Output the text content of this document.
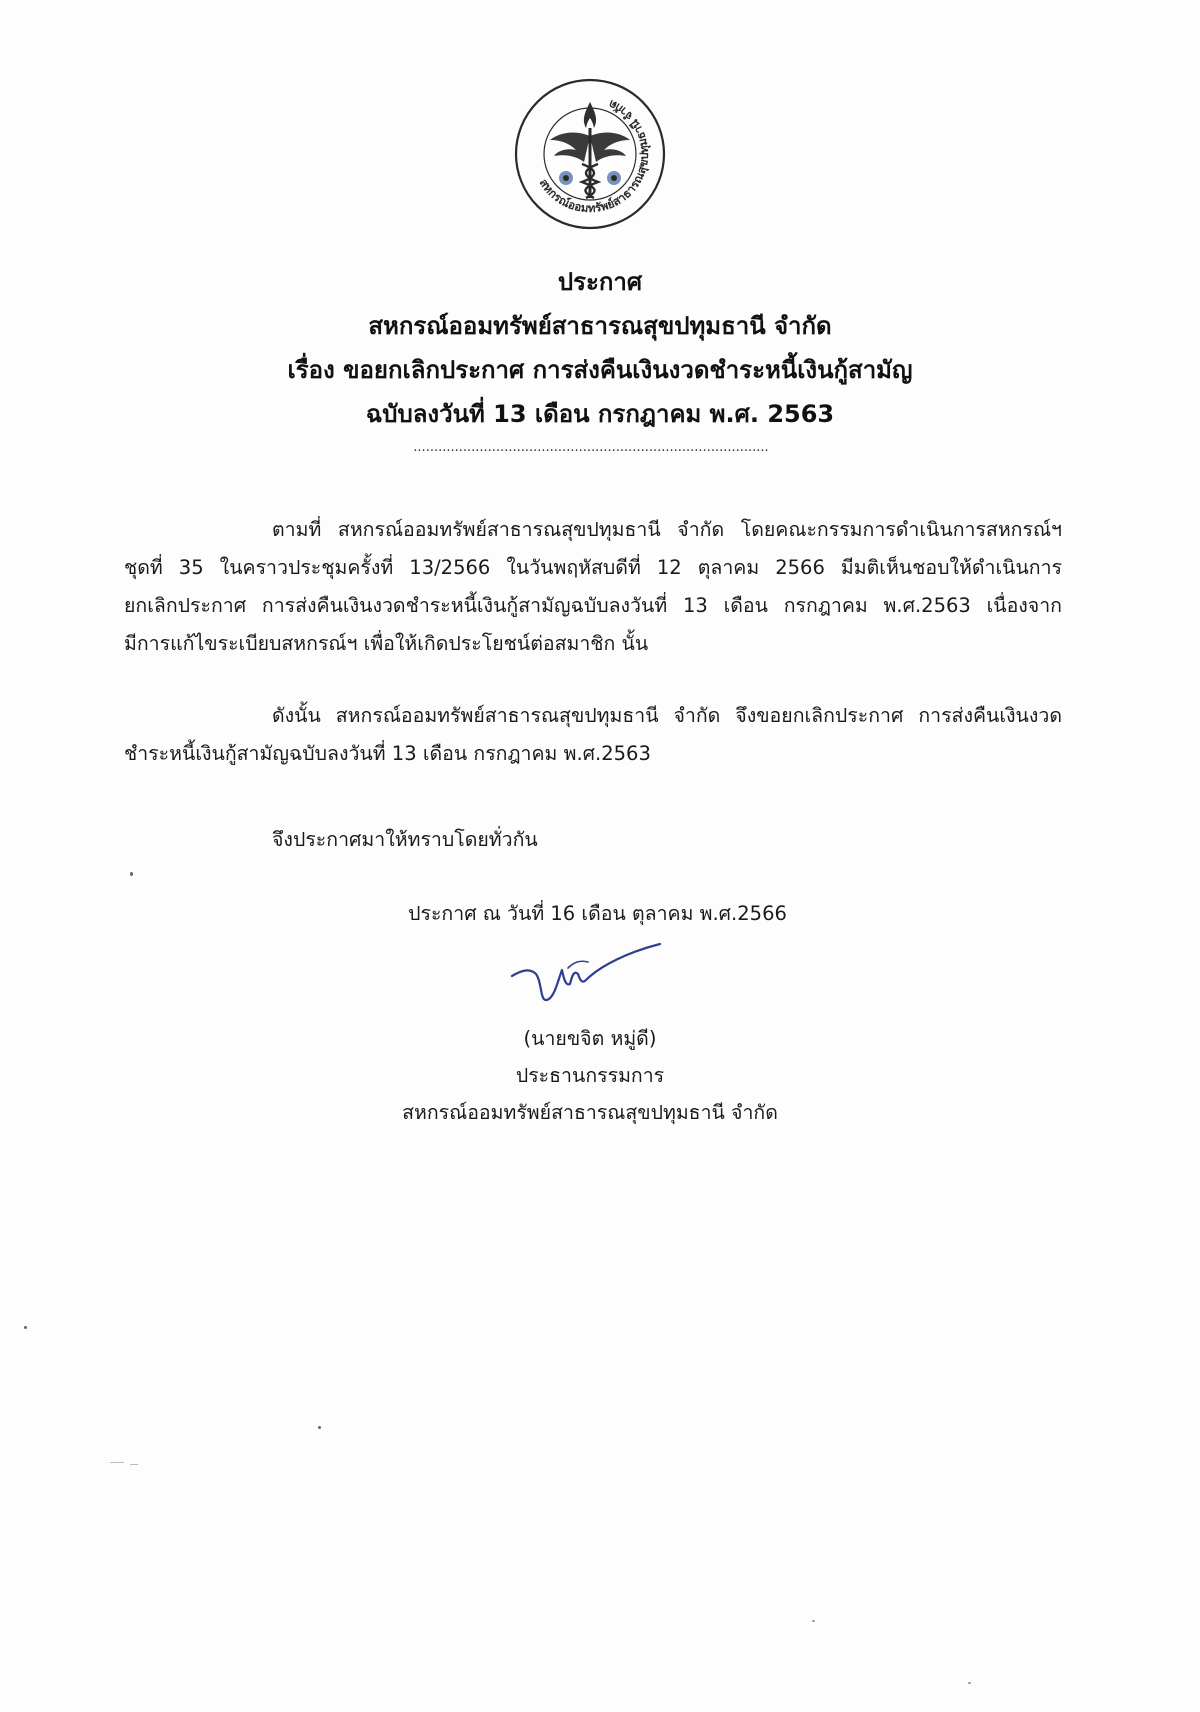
สหกรณ์ออมทรัพย์สาธารณสุขปทุมธานี จำกัด
ประกาศ
สหกรณ์ออมทรัพย์สาธารณสุขปทุมธานี จำกัด
เรื่อง ขอยกเลิกประกาศ การส่งคืนเงินงวดชำระหนี้เงินกู้สามัญ
ฉบับลงวันที่ 13 เดือน กรกฎาคม พ.ศ. 2563
......................................................................................
ตามที่ สหกรณ์ออมทรัพย์สาธารณสุขปทุมธานี จำกัด โดยคณะกรรมการดำเนินการสหกรณ์ฯ
ชุดที่ 35 ในคราวประชุมครั้งที่ 13/2566 ในวันพฤหัสบดีที่ 12 ตุลาคม 2566 มีมติเห็นชอบให้ดำเนินการ
ยกเลิกประกาศ การส่งคืนเงินงวดชำระหนี้เงินกู้สามัญฉบับลงวันที่ 13 เดือน กรกฎาคม พ.ศ.2563 เนื่องจาก
มีการแก้ไขระเบียบสหกรณ์ฯ เพื่อให้เกิดประโยชน์ต่อสมาชิก นั้น
ดังนั้น สหกรณ์ออมทรัพย์สาธารณสุขปทุมธานี จำกัด จึงขอยกเลิกประกาศ การส่งคืนเงินงวด
ชำระหนี้เงินกู้สามัญฉบับลงวันที่ 13 เดือน กรกฎาคม พ.ศ.2563
จึงประกาศมาให้ทราบโดยทั่วกัน
ประกาศ ณ วันที่ 16 เดือน ตุลาคม พ.ศ.2566
(นายขจิต หมู่ดี)
ประธานกรรมการ
สหกรณ์ออมทรัพย์สาธารณสุขปทุมธานี จำกัด
